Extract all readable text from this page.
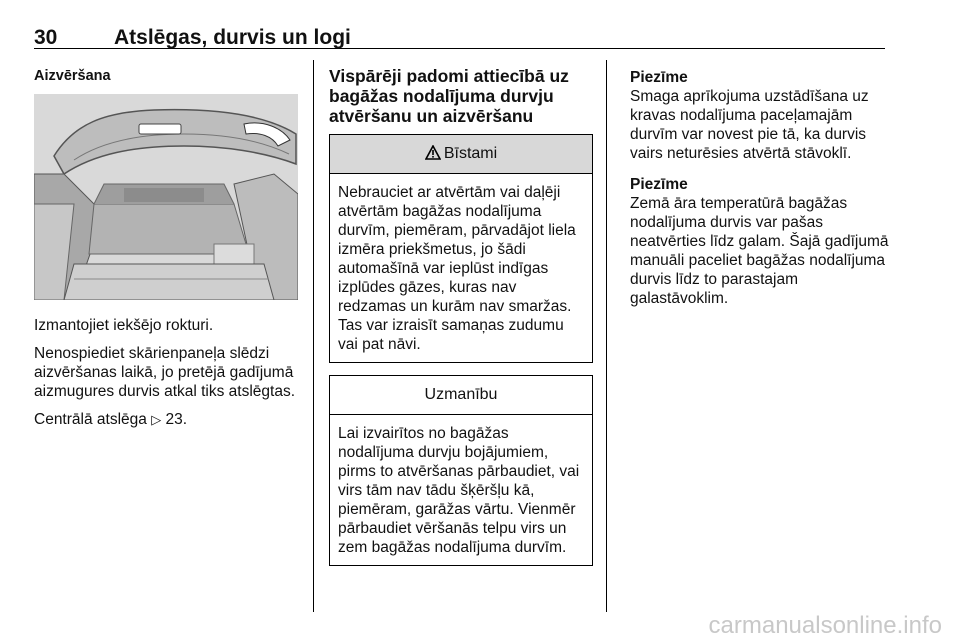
30	Atslēgas, durvis un logi
Aizvēršana

Izmantojiet iekšējo rokturi.

Nenospiediet skārienpaneļa slēdzi aizvēršanas laikā, jo pretējā gadījumā aizmugures durvis atkal tiks atslēgtas.

Centrālā atslēga ▷ 23.

Vispārēji padomi attiecībā uz bagāžas nodalījuma durvju atvēršanu un aizvēršanu
Bīstami

Nebrauciet ar atvērtām vai daļēji atvērtām bagāžas nodalījuma durvīm, piemēram, pārvadājot liela izmēra priekšmetus, jo šādi automašīnā var ieplūst indīgas izplūdes gāzes, kuras nav redzamas un kurām nav smaržas. Tas var izraisīt samaņas zudumu vai pat nāvi.

Uzmanību

Lai izvairītos no bagāžas nodalījuma durvju bojājumiem, pirms to atvēršanas pārbaudiet, vai virs tām nav tādu šķēršļu kā, piemēram, garāžas vārtu. Vienmēr pārbaudiet vēršanās telpu virs un zem bagāžas nodalījuma durvīm.

Piezīme

Smaga aprīkojuma uzstādīšana uz kravas nodalījuma paceļamajām durvīm var novest pie tā, ka durvis vairs neturēsies atvērtā stāvoklī.

Piezīme

Zemā āra temperatūrā bagāžas nodalījuma durvis var pašas neatvērties līdz galam. Šajā gadījumā manuāli paceliet bagāžas nodalījuma durvis līdz to parastajam galastāvoklim.

carmanualsonline.info
